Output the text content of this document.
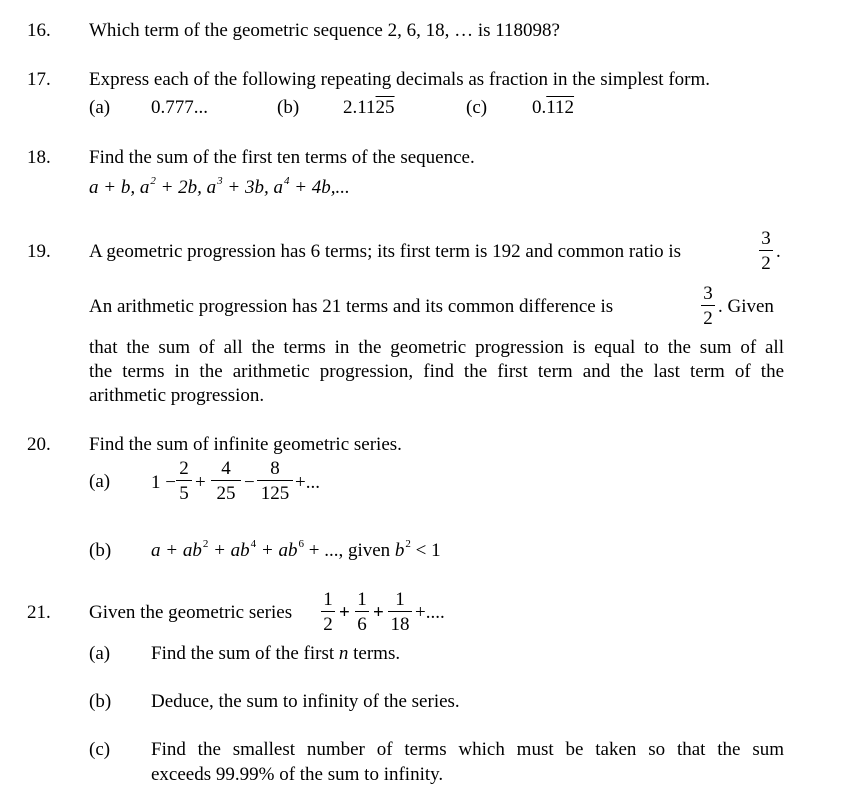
16. Which term of the geometric sequence 2, 6, 18, … is 118098?
17. Express each of the following repeating decimals as fraction in the simplest form.
(a) 0.777...	(b) 2.1125	(c) 0.112
18. Find the sum of the first ten terms of the sequence.
a + b, $a^2 + 2b$, $a^3 + 3b$, $a^4 + 4b$,...
19. A geometric progression has 6 terms; its first term is 192 and common ratio is
3
2
.
An arithmetic progression has 21 terms and its common difference is
3
2
. Given
that the sum of all the terms in the geometric progression is equal to the sum of all
the terms in the arithmetic progression, find the first term and the last term of the
arithmetic progression.
20. Find the sum of infinite geometric series.
(a) 1 −
2
5
+
4
25
−
8
125
+...
(b) $a + ab^2 + ab^4 + ab^6$ + ..., given $b^2 < 1$
21. Given the geometric series
1
2
+
1
6
+
1
18
+....
(a) Find the sum of the first n terms.
(b) Deduce, the sum to infinity of the series.
(c) Find the smallest number of terms which must be taken so that the sum
exceeds 99.99% of the sum to infinity.
